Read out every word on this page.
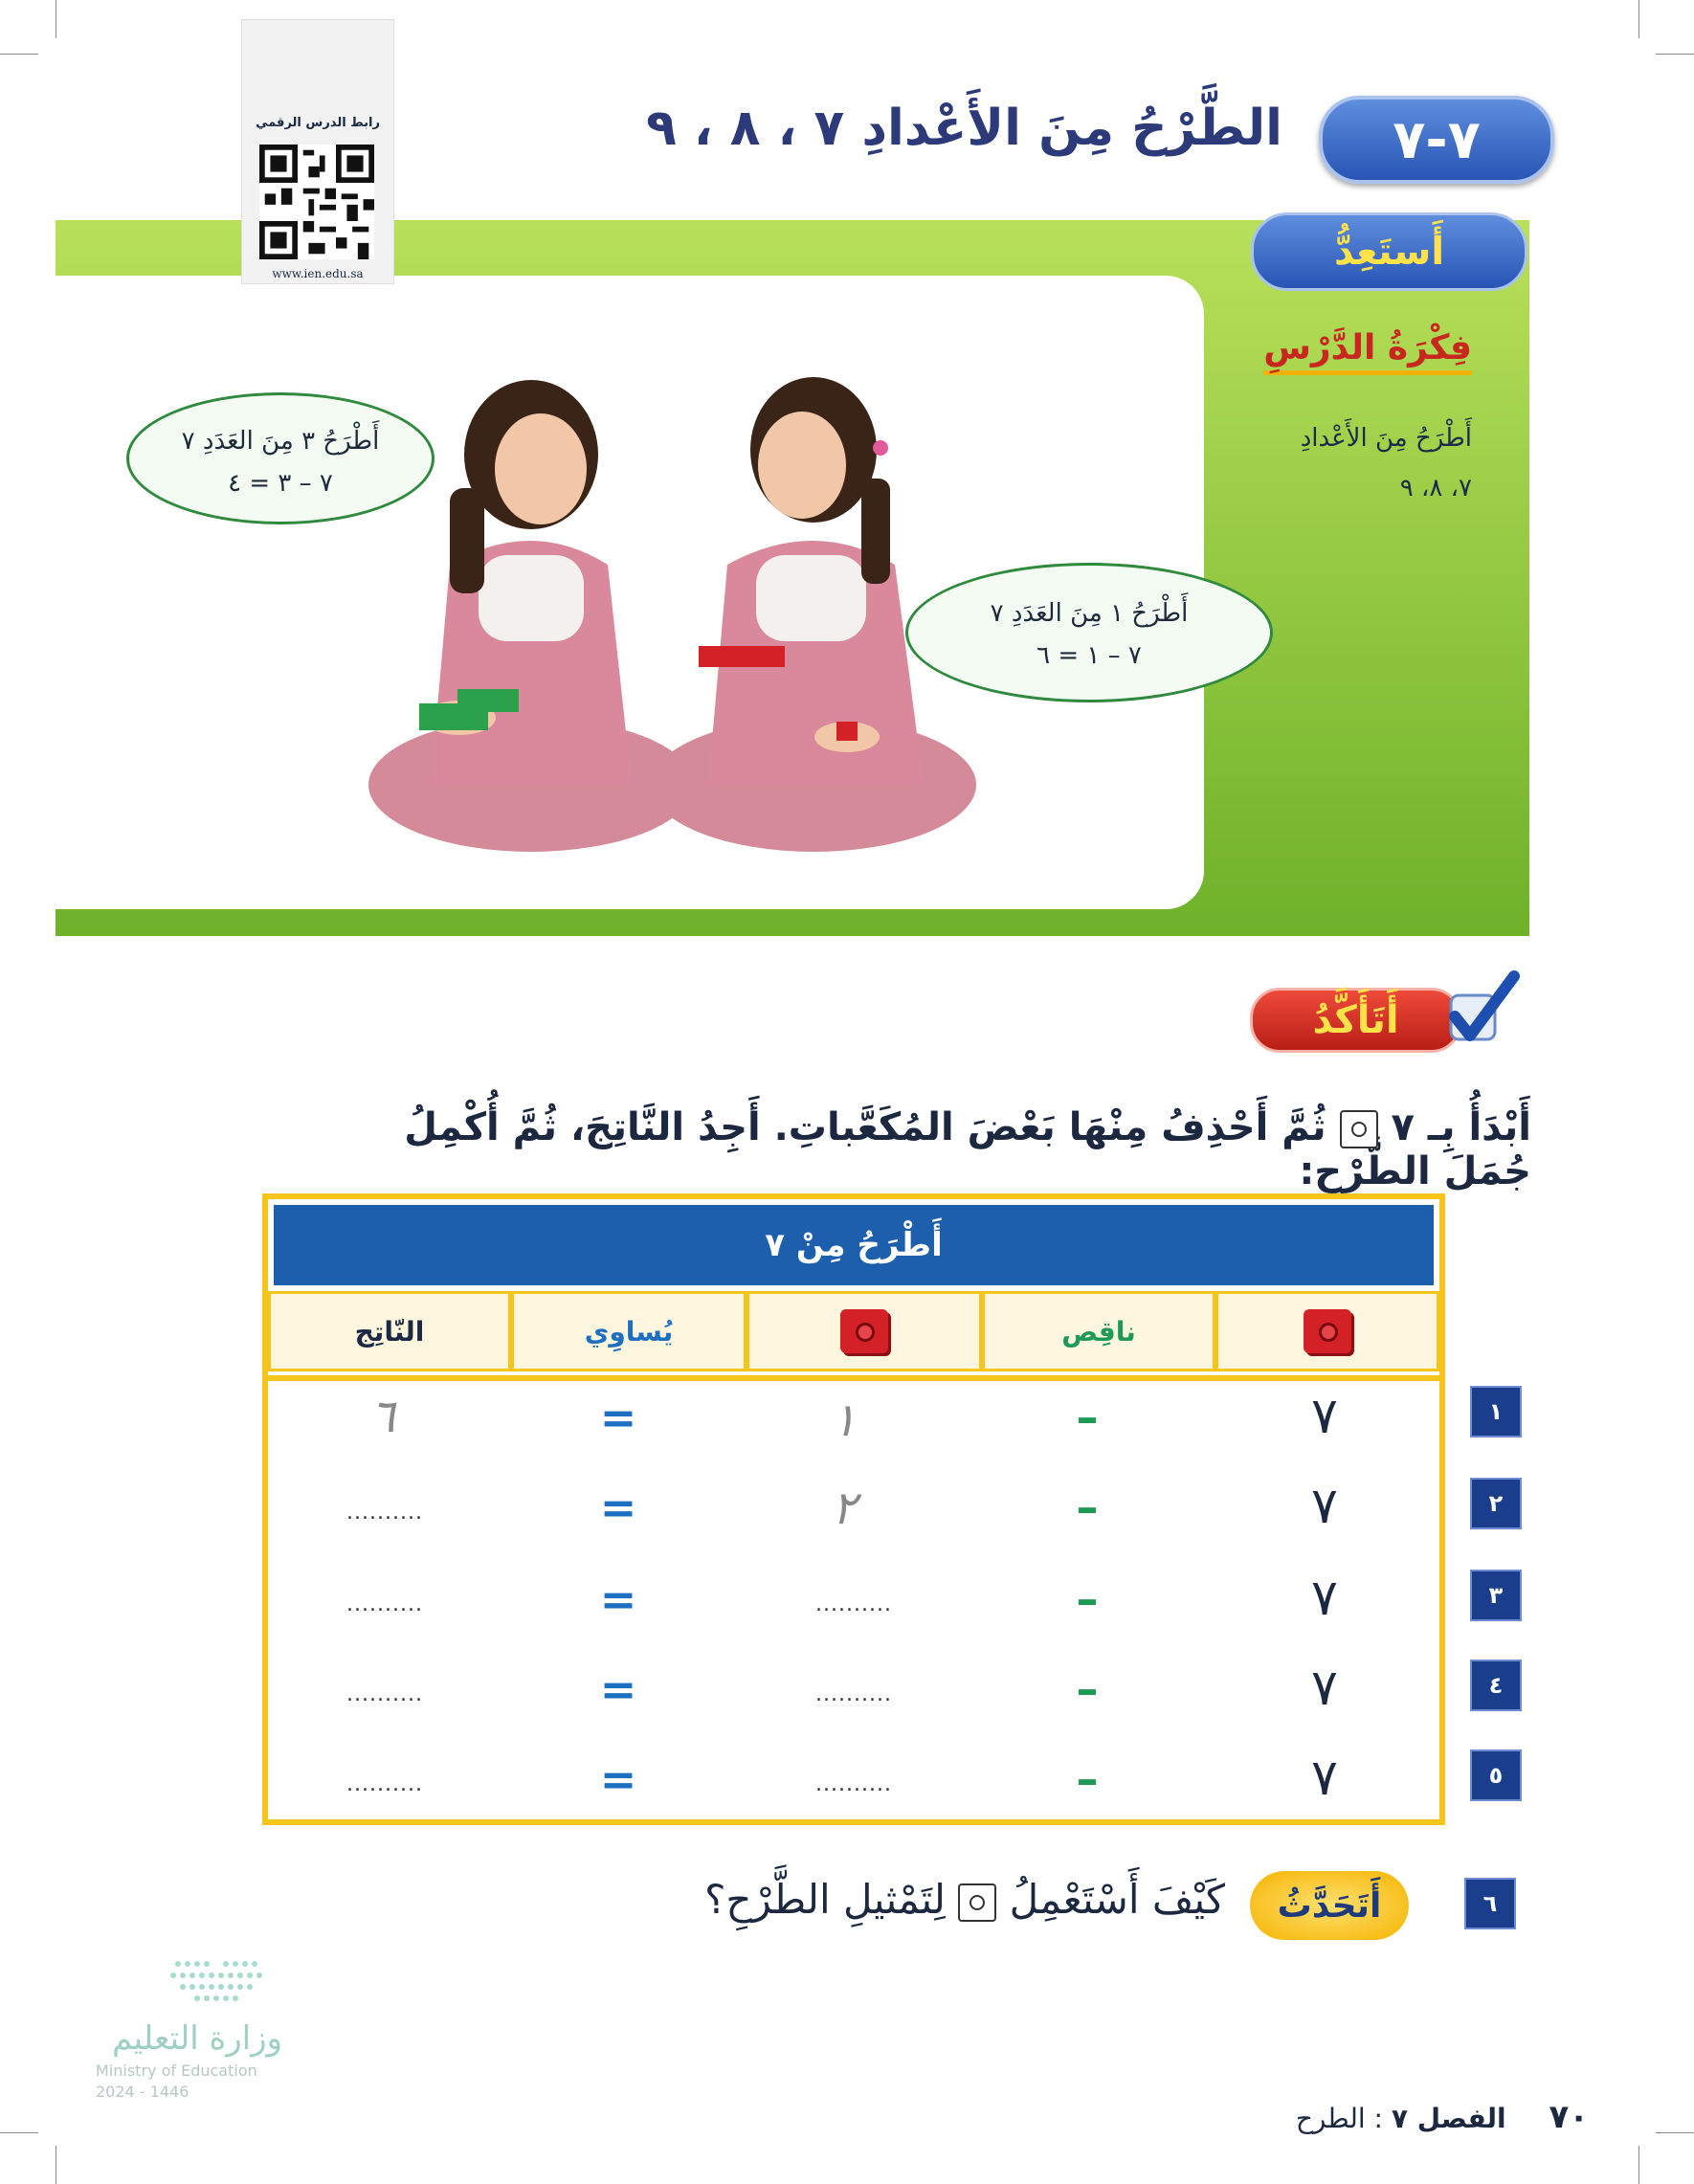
رابط الدرس الرقمي
www.ien.edu.sa
٧-٧
الطَّرْحُ مِنَ الأَعْدادِ ٧ ، ٨ ، ٩
أَستَعِدُّ
فِكْرَةُ الدَّرْسِ
أَطْرَحُ مِنَ الأَعْدادِ
٧، ٨، ٩
أَطْرَحُ ٣ مِنَ العَدَدِ ٧
٧ – ٣ = ٤
أَطْرَحُ ١ مِنَ العَدَدِ ٧
٧ – ١ = ٦
أَتَأَكَّدُ
أَبْدَأُ بِـ ٧  ثُمَّ أَحْذِفُ مِنْهَا بَعْضَ المُكَعَّباتِ. أَجِدُ النَّاتِجَ، ثُمَّ أُكْمِلُ جُمَلَ الطَّرْحِ:
أَطْرَحُ مِنْ ٧
ناقِص
يُساوِي
النّاتِج
١
٧
–
١
=
٦
٢
٧
–
٢
=
..........
٣
٧
–
..........
=
..........
٤
٧
–
..........
=
..........
٥
٧
–
..........
=
..........
٦
أَتَحَدَّثُ
كَيْفَ أَسْتَعْمِلُ  لِتَمْثيلِ الطَّرْحِ؟
وزارة التعليم
Ministry of Education
2024 - 1446
٧٠ الفصل ٧ : الطرح
